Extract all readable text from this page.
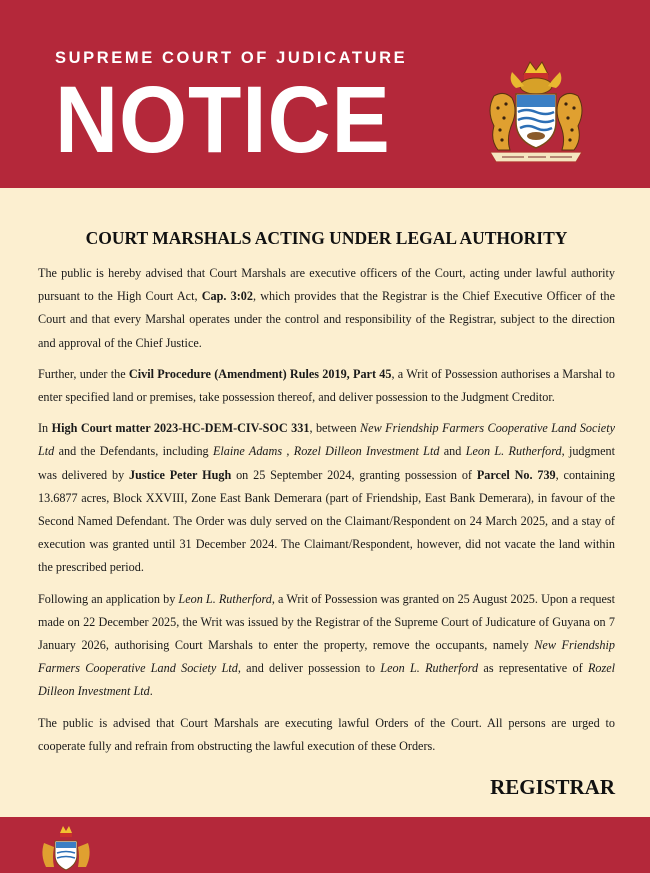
SUPREME COURT OF JUDICATURE
NOTICE
COURT MARSHALS ACTING UNDER LEGAL AUTHORITY

The public is hereby advised that Court Marshals are executive officers of the Court, acting under lawful authority pursuant to the High Court Act, Cap. 3:02, which provides that the Registrar is the Chief Executive Officer of the Court and that every Marshal operates under the control and responsibility of the Registrar, subject to the direction and approval of the Chief Justice.

Further, under the Civil Procedure (Amendment) Rules 2019, Part 45, a Writ of Possession authorises a Marshal to enter specified land or premises, take possession thereof, and deliver possession to the Judgment Creditor.

In High Court matter 2023-HC-DEM-CIV-SOC 331, between New Friendship Farmers Cooperative Land Society Ltd and the Defendants, including Elaine Adams , Rozel Dilleon Investment Ltd and Leon L. Rutherford, judgment was delivered by Justice Peter Hugh on 25 September 2024, granting possession of Parcel No. 739, containing 13.6877 acres, Block XXVIII, Zone East Bank Demerara (part of Friendship, East Bank Demerara), in favour of the Second Named Defendant. The Order was duly served on the Claimant/Respondent on 24 March 2025, and a stay of execution was granted until 31 December 2024. The Claimant/Respondent, however, did not vacate the land within the prescribed period.

Following an application by Leon L. Rutherford, a Writ of Possession was granted on 25 August 2025. Upon a request made on 22 December 2025, the Writ was issued by the Registrar of the Supreme Court of Judicature of Guyana on 7 January 2026, authorising Court Marshals to enter the property, remove the occupants, namely New Friendship Farmers Cooperative Land Society Ltd, and deliver possession to Leon L. Rutherford as representative of Rozel Dilleon Investment Ltd.

The public is advised that Court Marshals are executing lawful Orders of the Court. All persons are urged to cooperate fully and refrain from obstructing the lawful execution of these Orders.

REGISTRAR
